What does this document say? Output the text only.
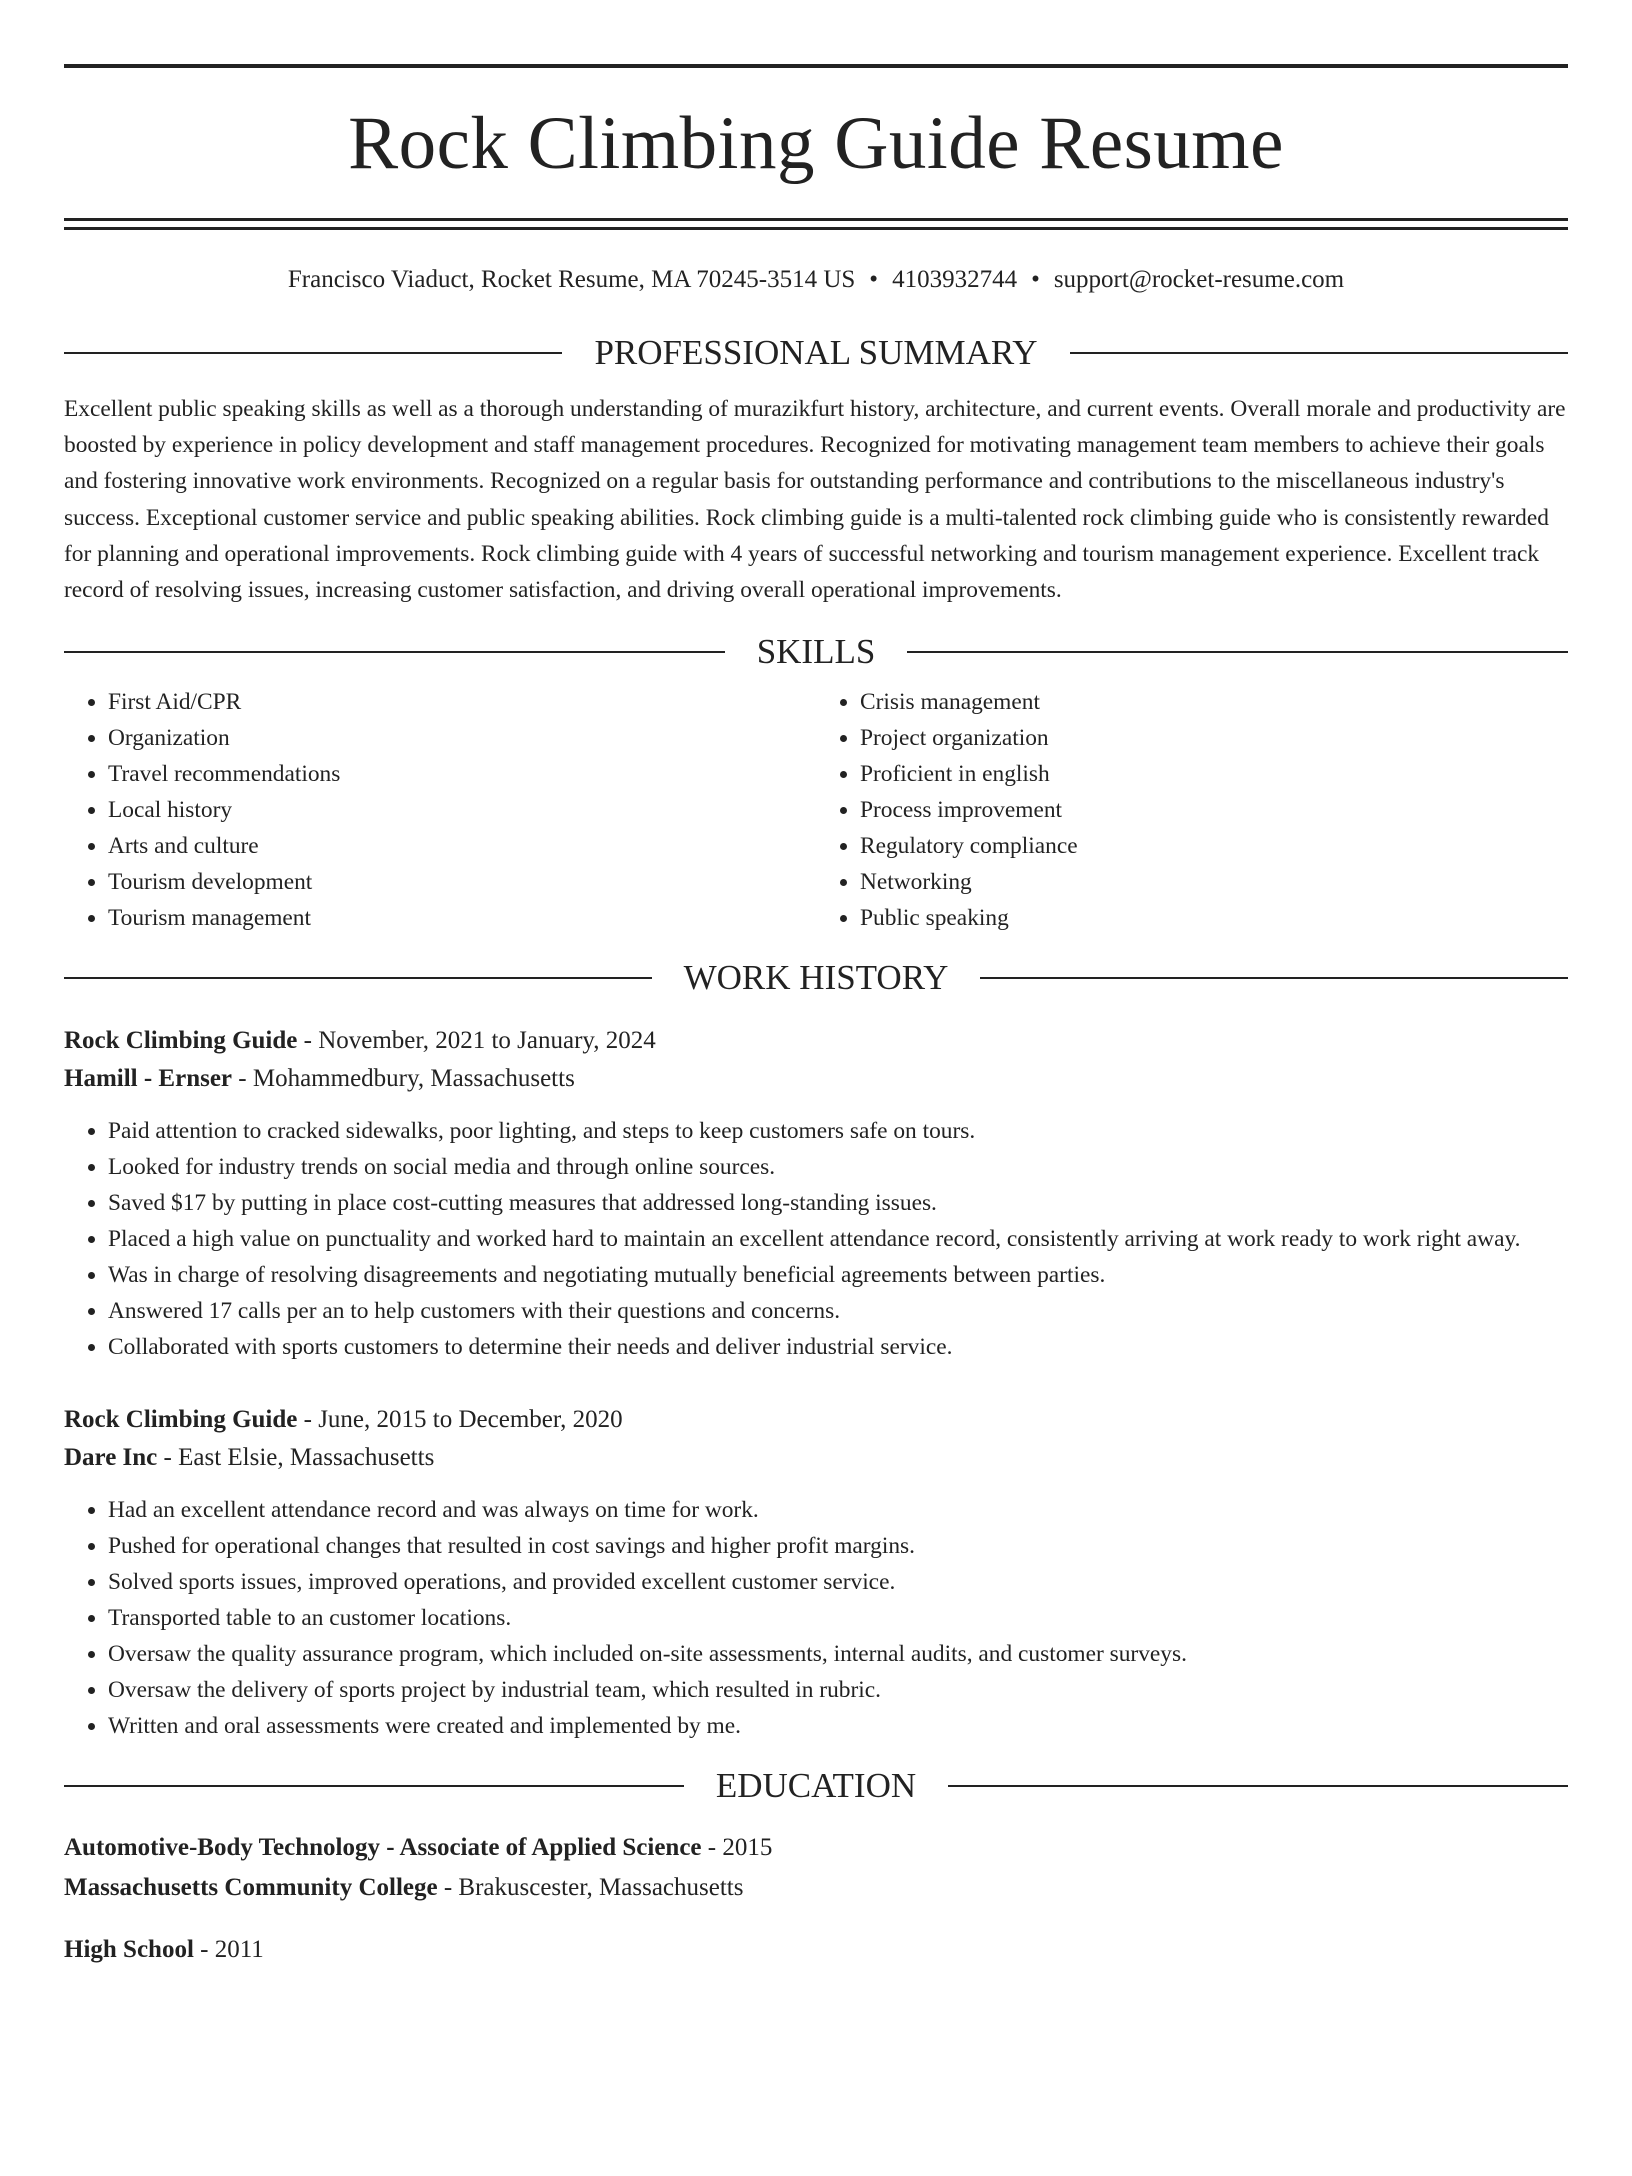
Rock Climbing Guide Resume
Francisco Viaduct, Rocket Resume, MA 70245-3514 US • 4103932744 • support@rocket-resume.com
PROFESSIONAL SUMMARY

Excellent public speaking skills as well as a thorough understanding of murazikfurt history, architecture, and current events. Overall morale and productivity are boosted by experience in policy development and staff management procedures. Recognized for motivating management team members to achieve their goals and fostering innovative work environments. Recognized on a regular basis for outstanding performance and contributions to the miscellaneous industry's success. Exceptional customer service and public speaking abilities. Rock climbing guide is a multi-talented rock climbing guide who is consistently rewarded for planning and operational improvements. Rock climbing guide with 4 years of successful networking and tourism management experience. Excellent track record of resolving issues, increasing customer satisfaction, and driving overall operational improvements.

SKILLS
• First Aid/CPR
• Organization
• Travel recommendations
• Local history
• Arts and culture
• Tourism development
• Tourism management
• Crisis management
• Project organization
• Proficient in english
• Process improvement
• Regulatory compliance
• Networking
• Public speaking
WORK HISTORY
Rock Climbing Guide - November, 2021 to January, 2024
Hamill - Ernser - Mohammedbury, Massachusetts
• Paid attention to cracked sidewalks, poor lighting, and steps to keep customers safe on tours.
• Looked for industry trends on social media and through online sources.
• Saved $17 by putting in place cost-cutting measures that addressed long-standing issues.
• Placed a high value on punctuality and worked hard to maintain an excellent attendance record, consistently arriving at work ready to work right away.
• Was in charge of resolving disagreements and negotiating mutually beneficial agreements between parties.
• Answered 17 calls per an to help customers with their questions and concerns.
• Collaborated with sports customers to determine their needs and deliver industrial service.
Rock Climbing Guide - June, 2015 to December, 2020
Dare Inc - East Elsie, Massachusetts
• Had an excellent attendance record and was always on time for work.
• Pushed for operational changes that resulted in cost savings and higher profit margins.
• Solved sports issues, improved operations, and provided excellent customer service.
• Transported table to an customer locations.
• Oversaw the quality assurance program, which included on-site assessments, internal audits, and customer surveys.
• Oversaw the delivery of sports project by industrial team, which resulted in rubric.
• Written and oral assessments were created and implemented by me.
EDUCATION
Automotive-Body Technology - Associate of Applied Science - 2015
Massachusetts Community College - Brakuscester, Massachusetts
High School - 2011
